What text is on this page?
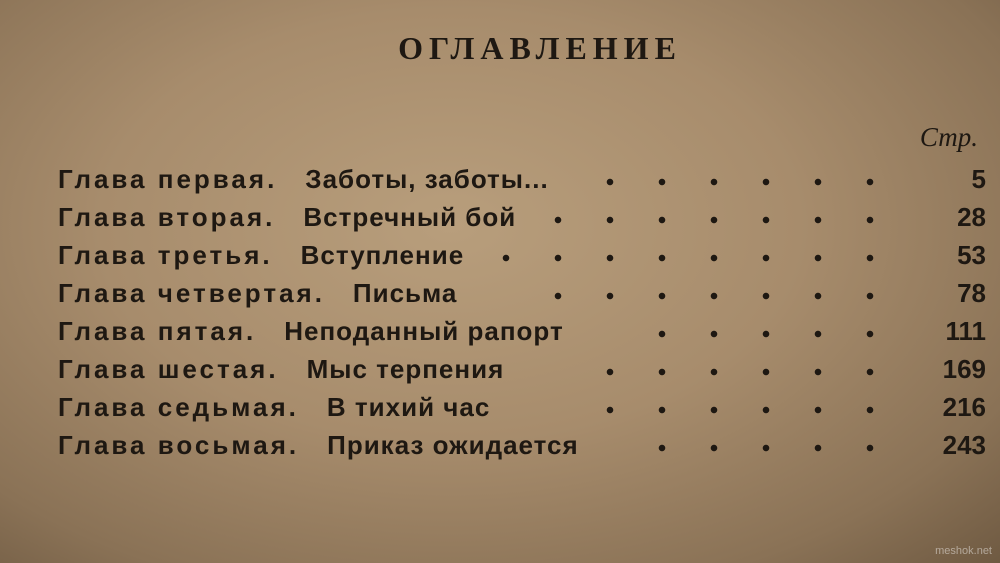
ОГЛАВЛЕНИЕ
Стр.
Глава первая. Заботы, заботы...	5
Глава вторая. Встречный бой	28
Глава третья. Вступление	53
Глава четвертая. Письма	78
Глава пятая. Неподанный рапорт	111
Глава шестая. Мыс терпения	169
Глава седьмая. В тихий час	216
Глава восьмая. Приказ ожидается	243
meshok.net
